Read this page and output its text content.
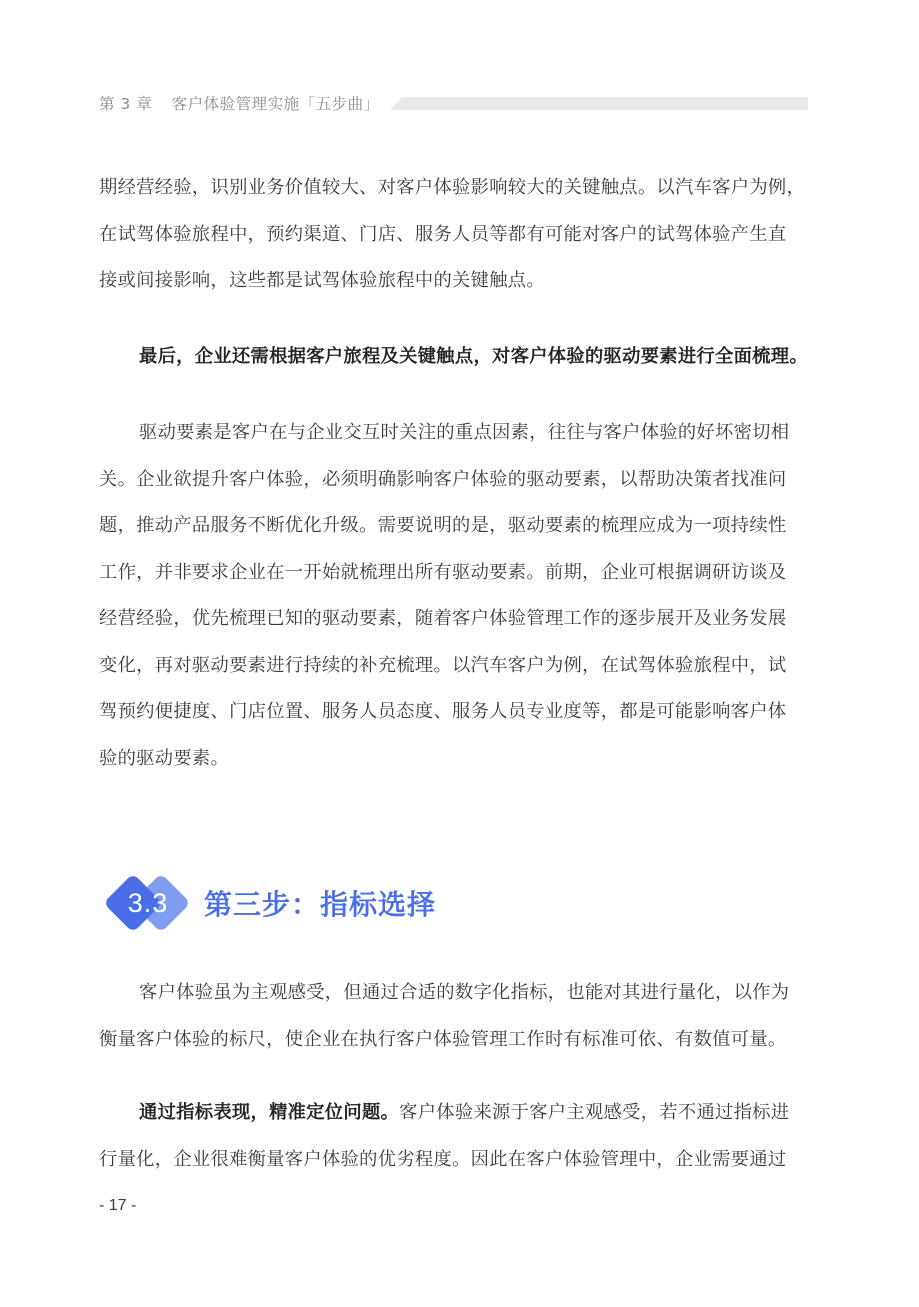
第 3 章 客户体验管理实施「五步曲」
期经营经验，识别业务价值较大、对客户体验影响较大的关键触点。以汽车客户为例，
在试驾体验旅程中，预约渠道、门店、服务人员等都有可能对客户的试驾体验产生直
接或间接影响，这些都是试驾体验旅程中的关键触点。
最后，企业还需根据客户旅程及关键触点，对客户体验的驱动要素进行全面梳理。
驱动要素是客户在与企业交互时关注的重点因素，往往与客户体验的好坏密切相
关。企业欲提升客户体验，必须明确影响客户体验的驱动要素，以帮助决策者找准问
题，推动产品服务不断优化升级。需要说明的是，驱动要素的梳理应成为一项持续性
工作，并非要求企业在一开始就梳理出所有驱动要素。前期，企业可根据调研访谈及
经营经验，优先梳理已知的驱动要素，随着客户体验管理工作的逐步展开及业务发展
变化，再对驱动要素进行持续的补充梳理。以汽车客户为例，在试驾体验旅程中，试
驾预约便捷度、门店位置、服务人员态度、服务人员专业度等，都是可能影响客户体
验的驱动要素。
3.3 第三步：指标选择
客户体验虽为主观感受，但通过合适的数字化指标，也能对其进行量化，以作为
衡量客户体验的标尺，使企业在执行客户体验管理工作时有标准可依、有数值可量。
通过指标表现，精准定位问题。客户体验来源于客户主观感受，若不通过指标进
行量化，企业很难衡量客户体验的优劣程度。因此在客户体验管理中，企业需要通过
- 17 -
